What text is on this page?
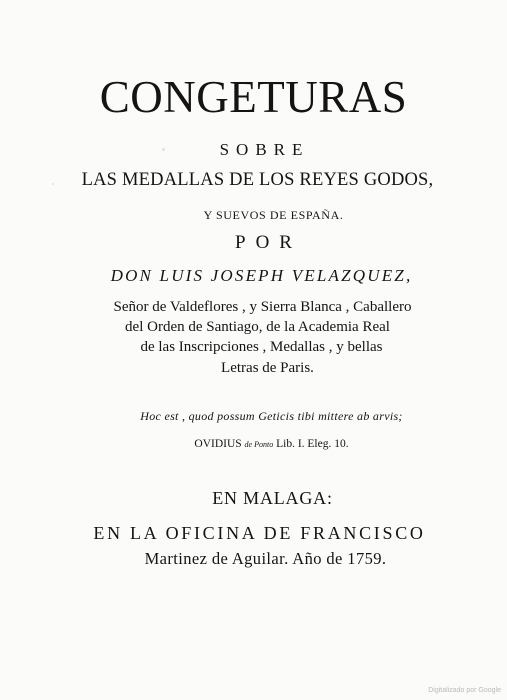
CONGETURAS
SOBRE
LAS MEDALLAS DE LOS REYES GODOS,
Y SUEVOS DE ESPAÑA.
POR
DON LUIS JOSEPH VELAZQUEZ,
Señor de Valdeflores , y Sierra Blanca , Caballero
del Orden de Santiago, de la Academia Real
de las Inscripciones , Medallas , y bellas
Letras de Paris.
Hoc est , quod possum Geticis tibi mittere ab arvis;
OVIDIUS de Ponto Lib. I. Eleg. 10.
EN MALAGA:
EN LA OFICINA DE FRANCISCO
Martinez de Aguilar. Año de 1759.
Digitalizado por Google
